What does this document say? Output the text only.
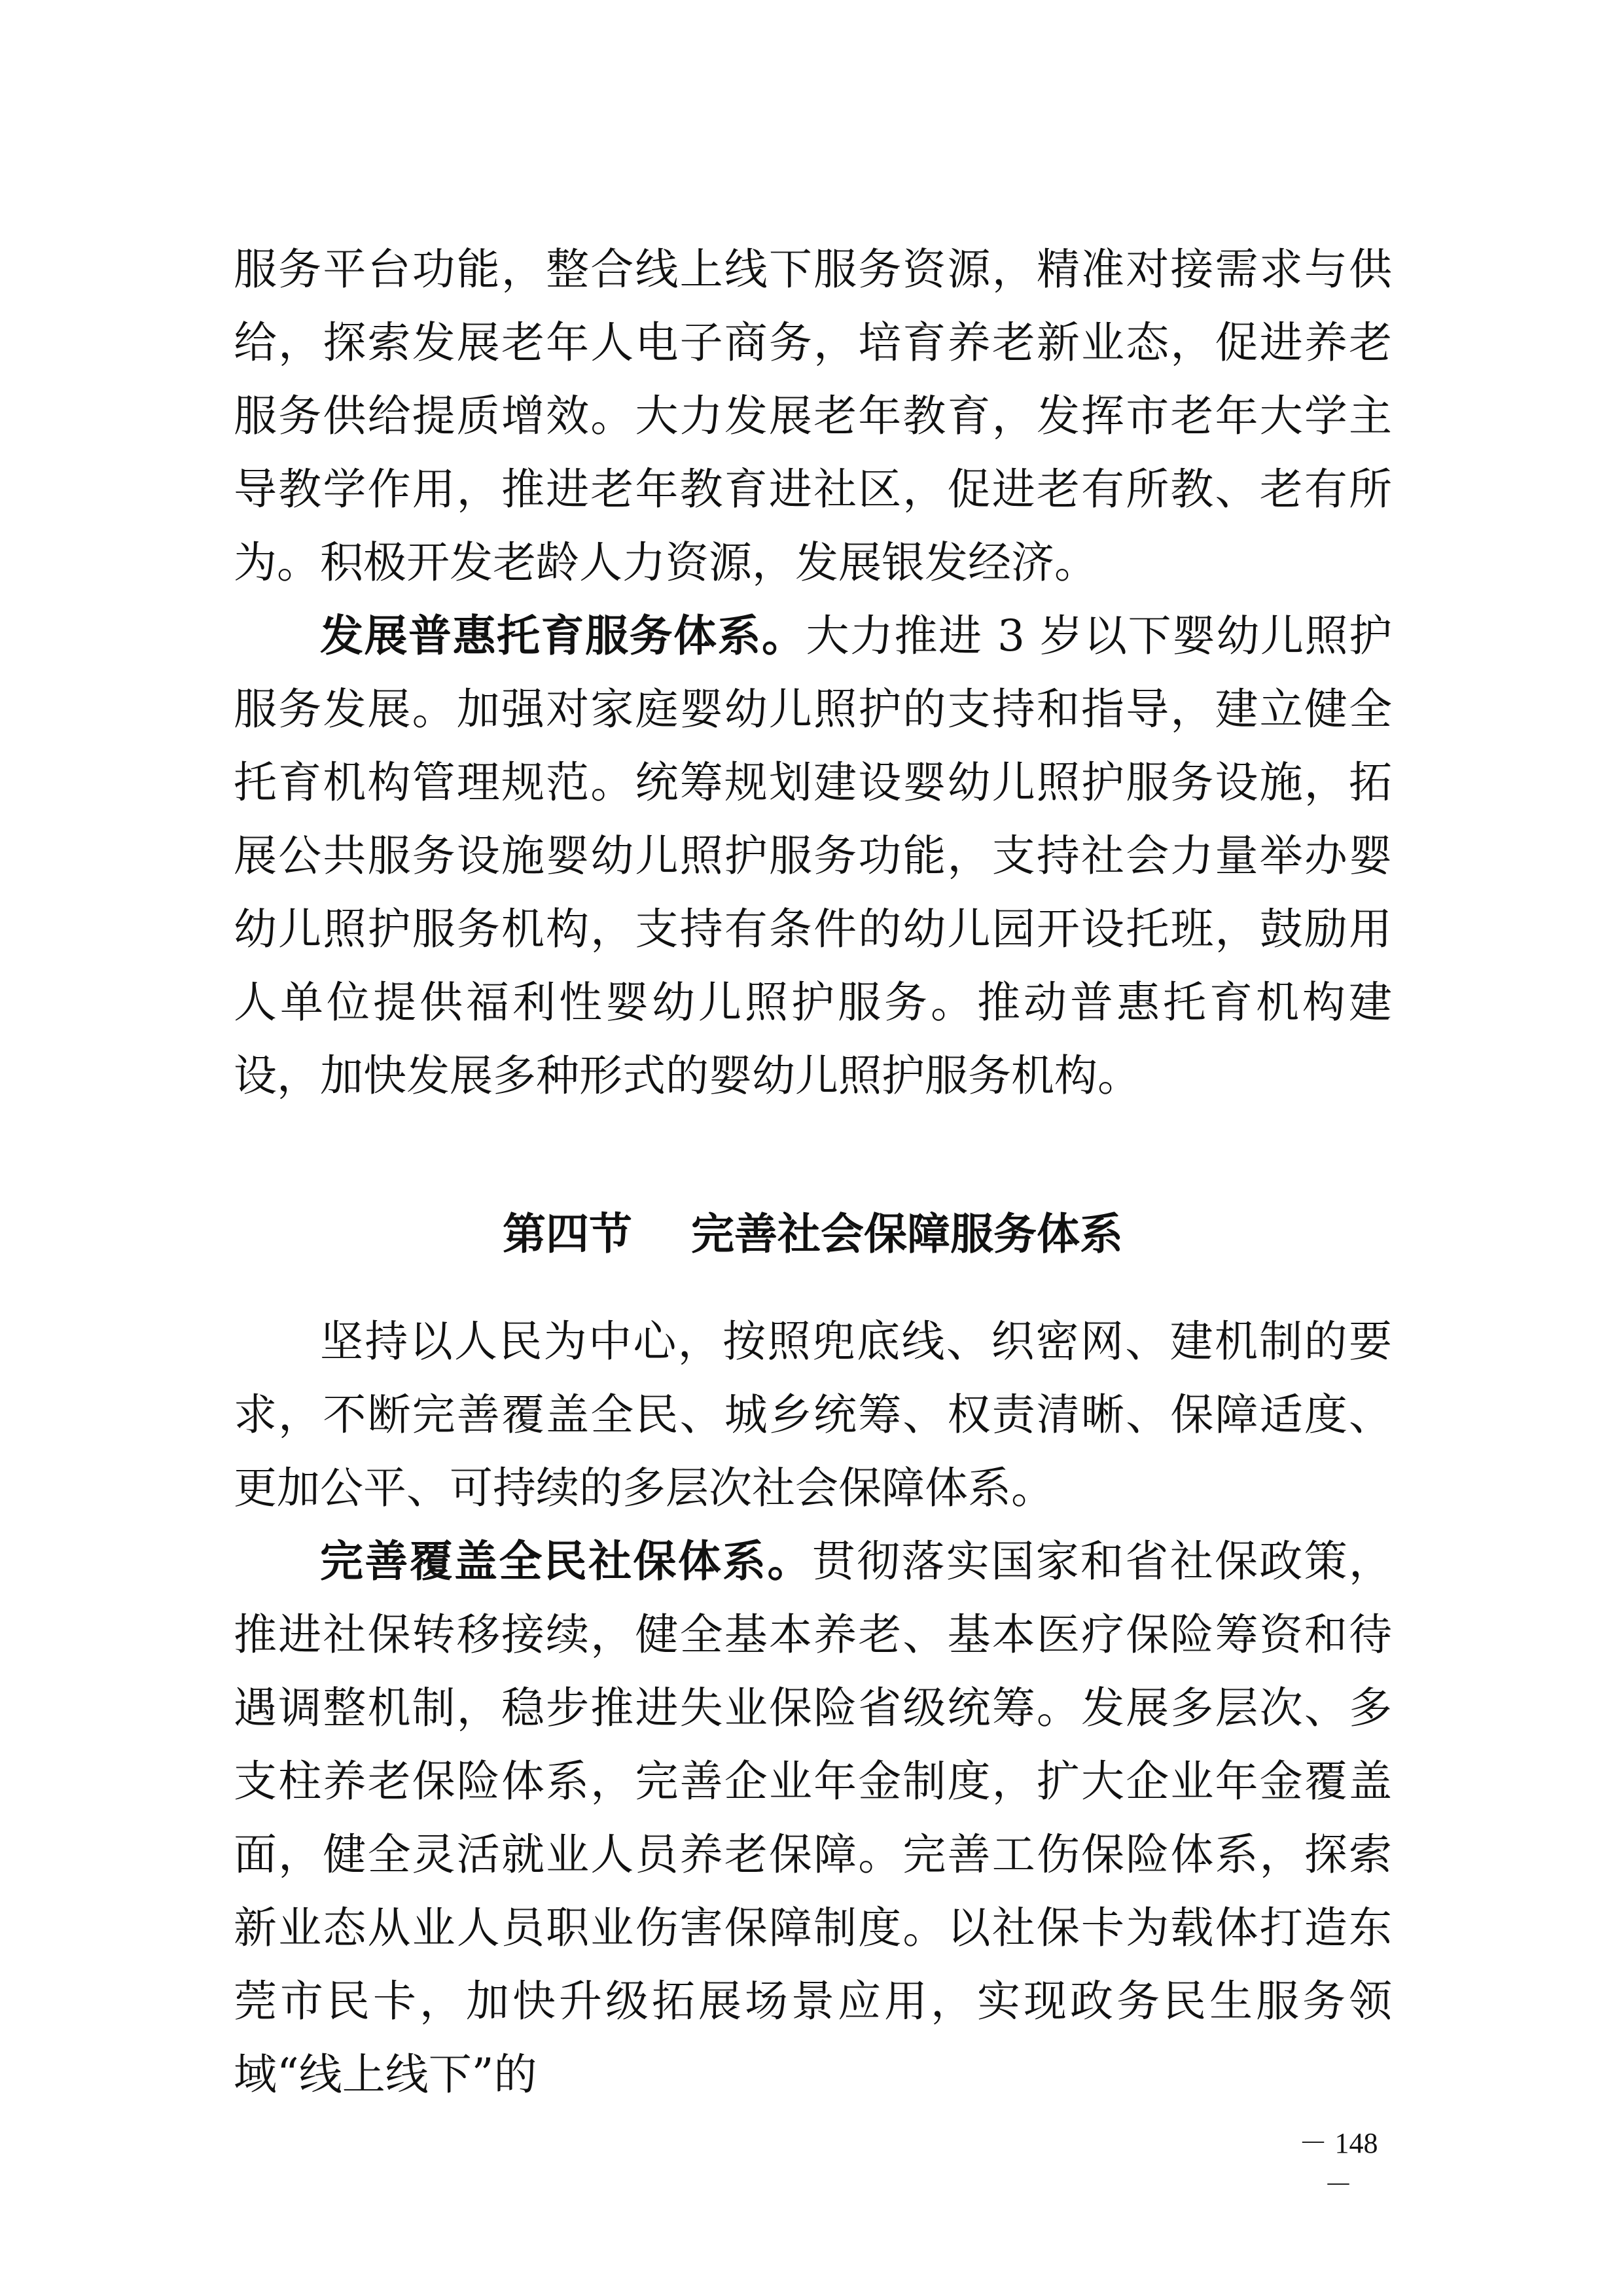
服务平台功能，整合线上线下服务资源，精准对接需求与供给，探索发展老年人电子商务，培育养老新业态，促进养老服务供给提质增效。大力发展老年教育，发挥市老年大学主导教学作用，推进老年教育进社区，促进老有所教、老有所为。积极开发老龄人力资源，发展银发经济。

发展普惠托育服务体系。大力推进 3 岁以下婴幼儿照护服务发展。加强对家庭婴幼儿照护的支持和指导，建立健全托育机构管理规范。统筹规划建设婴幼儿照护服务设施，拓展公共服务设施婴幼儿照护服务功能，支持社会力量举办婴幼儿照护服务机构，支持有条件的幼儿园开设托班，鼓励用人单位提供福利性婴幼儿照护服务。推动普惠托育机构建设，加快发展多种形式的婴幼儿照护服务机构。

第四节 完善社会保障服务体系

坚持以人民为中心，按照兜底线、织密网、建机制的要求，不断完善覆盖全民、城乡统筹、权责清晰、保障适度、更加公平、可持续的多层次社会保障体系。

完善覆盖全民社保体系。贯彻落实国家和省社保政策，推进社保转移接续，健全基本养老、基本医疗保险筹资和待遇调整机制，稳步推进失业保险省级统筹。发展多层次、多支柱养老保险体系，完善企业年金制度，扩大企业年金覆盖面，健全灵活就业人员养老保障。完善工伤保险体系，探索新业态从业人员职业伤害保障制度。以社保卡为载体打造东莞市民卡，加快升级拓展场景应用，实现政务民生服务领域“线上线下”的

－ 148 －
